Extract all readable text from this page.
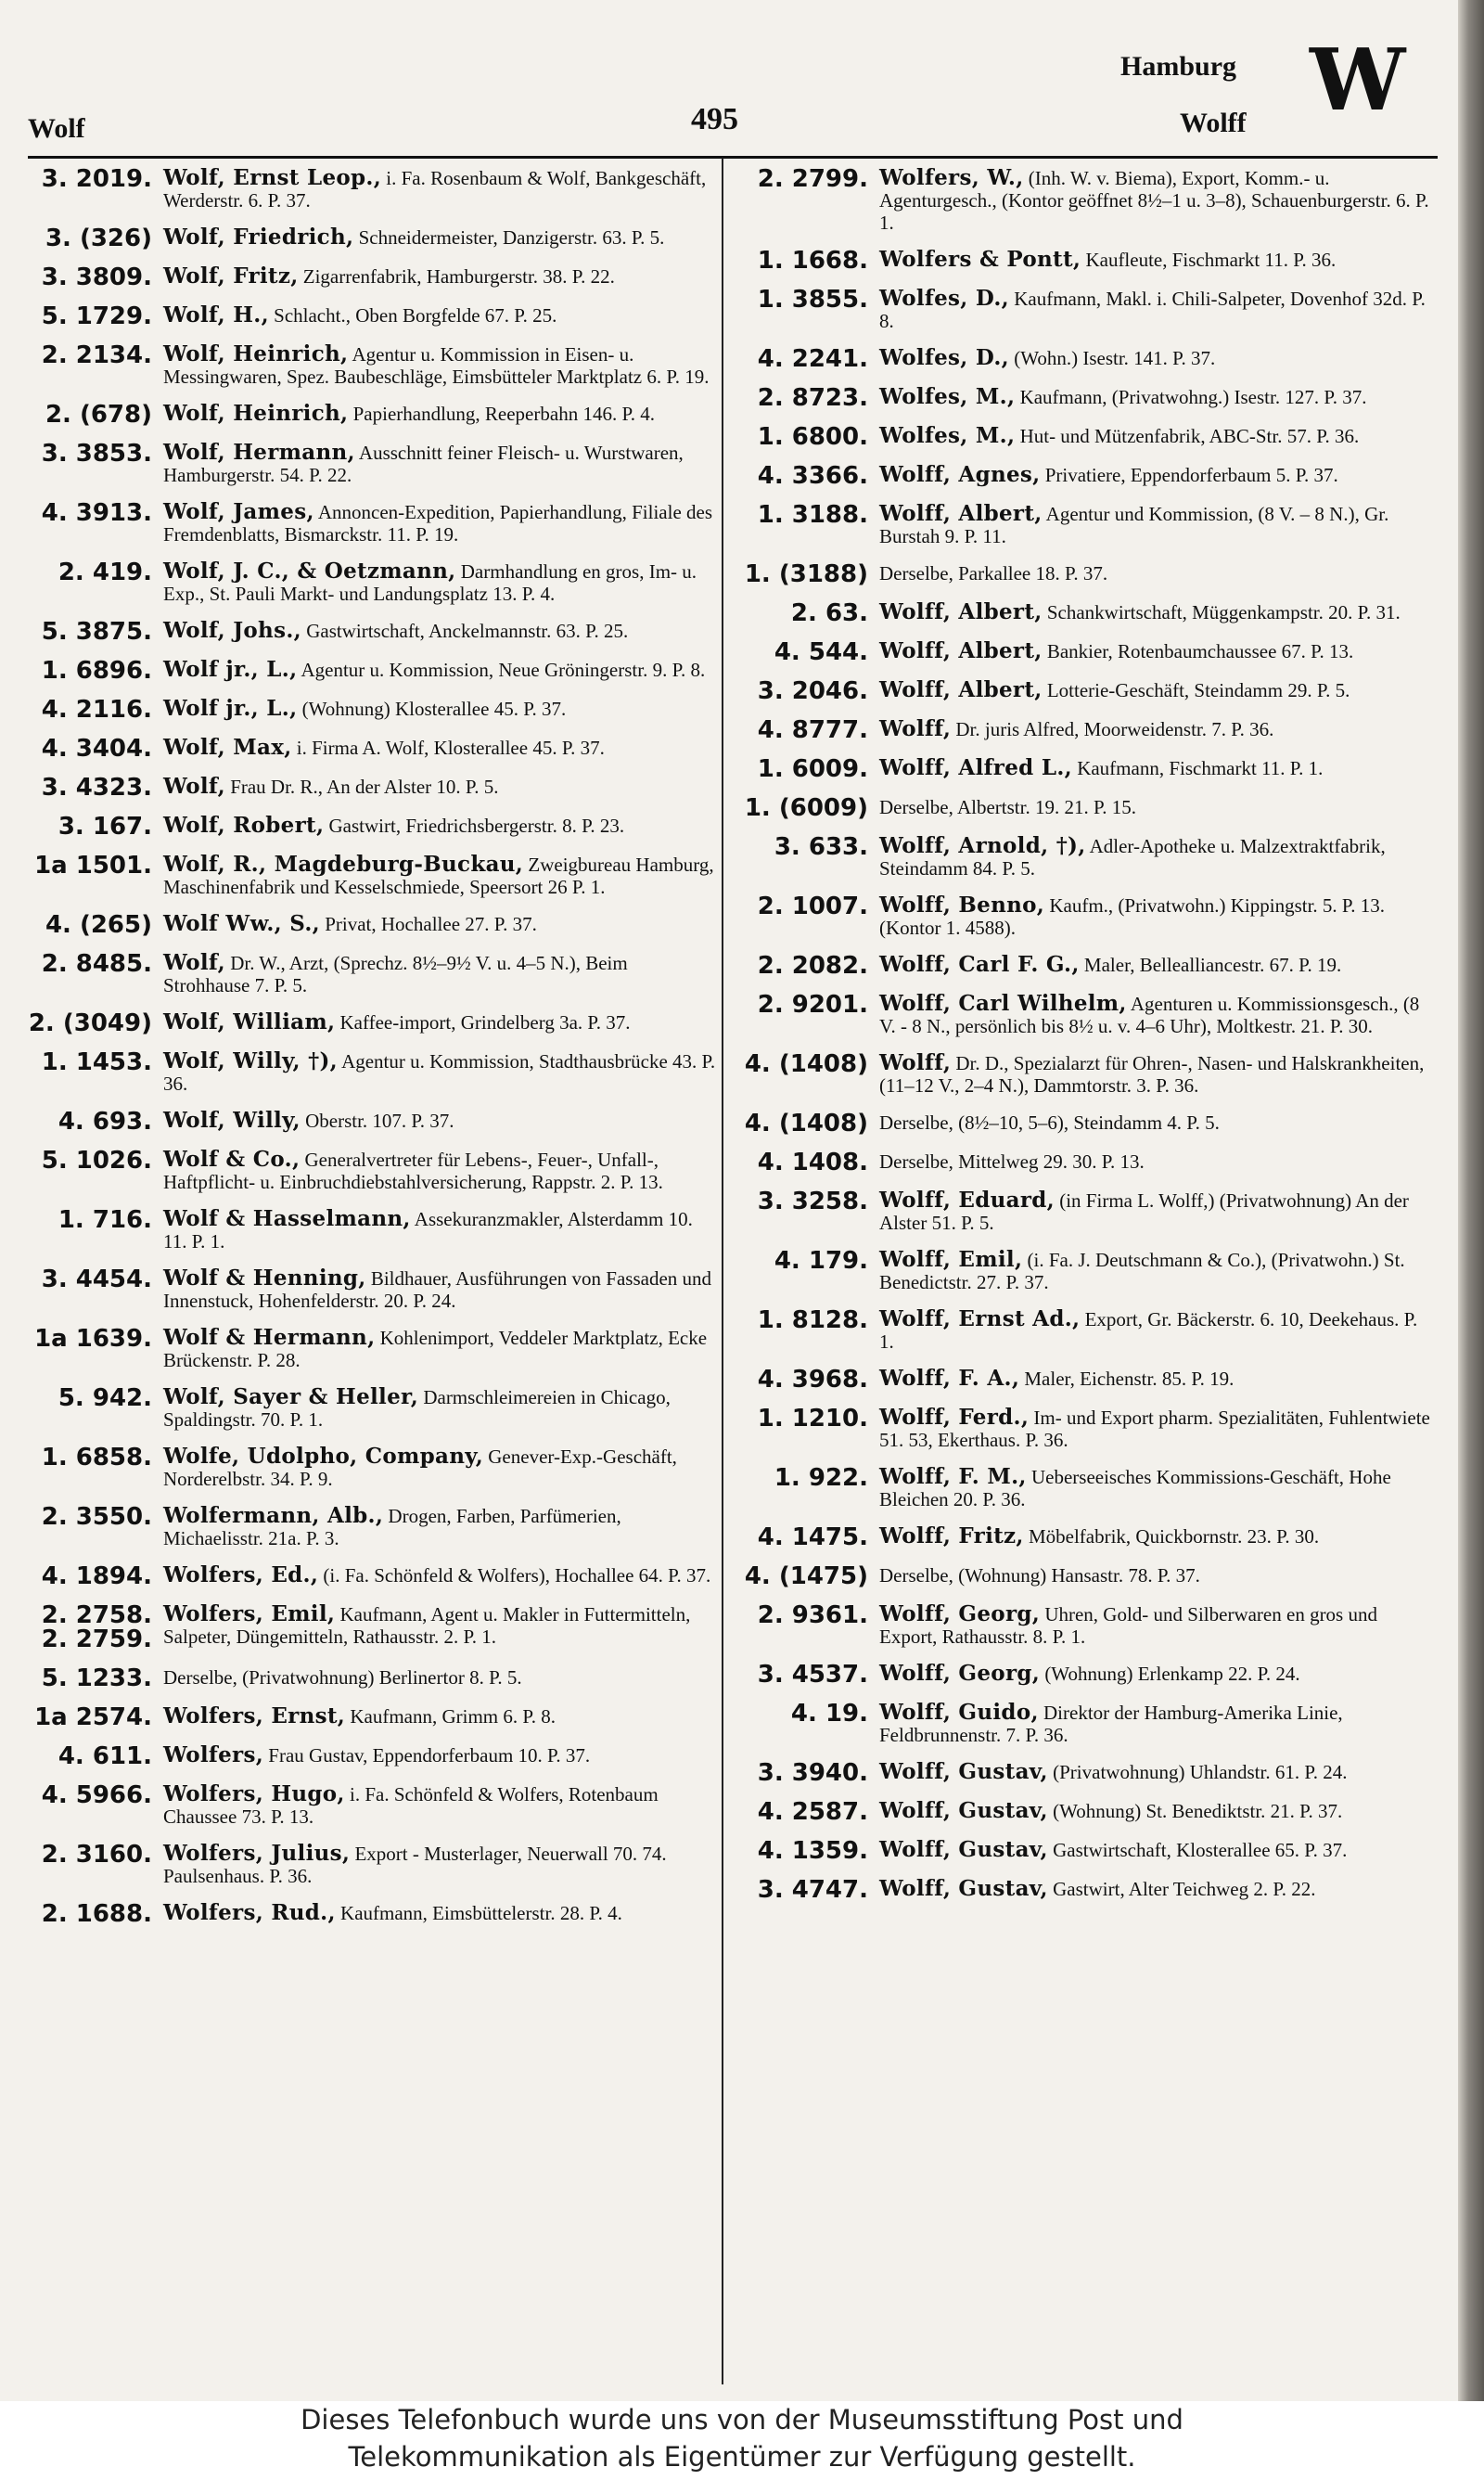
Wolf	495
Hamburg
Wolff W
3. 2019. Wolf, Ernst Leop., i. Fa. Rosenbaum & Wolf, Bankgeschäft, Werderstr. 6. P. 37.
3. (326) Wolf, Friedrich, Schneidermeister, Danzigerstr. 63. P. 5.
3. 3809. Wolf, Fritz, Zigarrenfabrik, Hamburgerstr. 38. P. 22.
5. 1729. Wolf, H., Schlacht., Oben Borgfelde 67. P. 25.
2. 2134. Wolf, Heinrich, Agentur u. Kommission in Eisen- u. Messingwaren, Spez. Baubeschläge, Eimsbütteler Marktplatz 6. P. 19.
2. (678) Wolf, Heinrich, Papierhandlung, Reeperbahn 146. P. 4.
3. 3853. Wolf, Hermann, Ausschnitt feiner Fleisch- u. Wurstwaren, Hamburgerstr. 54. P. 22.
4. 3913. Wolf, James, Annoncen-Expedition, Papierhandlung, Filiale des Fremdenblatts, Bismarckstr. 11. P. 19.
2. 419. Wolf, J. C., & Oetzmann, Darmhandlung en gros, Im- u. Exp., St. Pauli Markt- und Landungsplatz 13. P. 4.
5. 3875. Wolf, Johs., Gastwirtschaft, Anckelmannstr. 63. P. 25.
1. 6896. Wolf jr., L., Agentur u. Kommission, Neue Gröningerstr. 9. P. 8.
4. 2116. Wolf jr., L., (Wohnung) Klosterallee 45. P. 37.
4. 3404. Wolf, Max, i. Firma A. Wolf, Klosterallee 45. P. 37.
3. 4323. Wolf, Frau Dr. R., An der Alster 10. P. 5.
3. 167. Wolf, Robert, Gastwirt, Friedrichsbergerstr. 8. P. 23.
1a 1501. Wolf, R., Magdeburg-Buckau, Zweigbureau Hamburg, Maschinenfabrik und Kesselschmiede, Speersort 26 P. 1.
4. (265) Wolf Ww., S., Privat, Hochallee 27. P. 37.
2. 8485. Wolf, Dr. W., Arzt, (Sprechz. 8½–9½ V. u. 4–5 N.), Beim Strohhause 7. P. 5.
2. (3049) Wolf, William, Kaffee-import, Grindelberg 3a. P. 37.
1. 1453. Wolf, Willy, †), Agentur u. Kommission, Stadthausbrücke 43. P. 36.
4. 693. Wolf, Willy, Oberstr. 107. P. 37.
5. 1026. Wolf & Co., Generalvertreter für Lebens-, Feuer-, Unfall-, Haftpflicht- u. Einbruchdiebstahlversicherung, Rappstr. 2. P. 13.
1. 716. Wolf & Hasselmann, Assekuranzmakler, Alsterdamm 10. 11. P. 1.
3. 4454. Wolf & Henning, Bildhauer, Ausführungen von Fassaden und Innenstuck, Hohenfelderstr. 20. P. 24.
1a 1639. Wolf & Hermann, Kohlenimport, Veddeler Marktplatz, Ecke Brückenstr. P. 28.
5. 942. Wolf, Sayer & Heller, Darmschleimereien in Chicago, Spaldingstr. 70. P. 1.
1. 6858. Wolfe, Udolpho, Company, Genever-Exp.-Geschäft, Norderelbstr. 34. P. 9.
2. 3550. Wolfermann, Alb., Drogen, Farben, Parfümerien, Michaelisstr. 21a. P. 3.
4. 1894. Wolfers, Ed., (i. Fa. Schönfeld & Wolfers), Hochallee 64. P. 37.
2. 2758.
2. 2759.
Wolfers, Emil, Kaufmann, Agent u. Makler in Futtermitteln, Salpeter, Düngemitteln, Rathausstr. 2. P. 1.
5. 1233. Derselbe, (Privatwohnung) Berlinertor 8. P. 5.
1a 2574. Wolfers, Ernst, Kaufmann, Grimm 6. P. 8.
4. 611. Wolfers, Frau Gustav, Eppendorferbaum 10. P. 37.
4. 5966. Wolfers, Hugo, i. Fa. Schönfeld & Wolfers, Rotenbaum Chaussee 73. P. 13.
2. 3160. Wolfers, Julius, Export - Musterlager, Neuerwall 70. 74. Paulsenhaus. P. 36.
2. 1688. Wolfers, Rud., Kaufmann, Eimsbüttelerstr. 28. P. 4.
2. 2799. Wolfers, W., (Inh. W. v. Biema), Export, Komm.- u. Agenturgesch., (Kontor geöffnet 8½–1 u. 3–8), Schauenburgerstr. 6. P. 1.
1. 1668. Wolfers & Pontt, Kaufleute, Fischmarkt 11. P. 36.
1. 3855. Wolfes, D., Kaufmann, Makl. i. Chili-Salpeter, Dovenhof 32d. P. 8.
4. 2241. Wolfes, D., (Wohn.) Isestr. 141. P. 37.
2. 8723. Wolfes, M., Kaufmann, (Privatwohng.) Isestr. 127. P. 37.
1. 6800. Wolfes, M., Hut- und Mützenfabrik, ABC-Str. 57. P. 36.
4. 3366. Wolff, Agnes, Privatiere, Eppendorferbaum 5. P. 37.
1. 3188. Wolff, Albert, Agentur und Kommission, (8 V. – 8 N.), Gr. Burstah 9. P. 11.
1. (3188) Derselbe, Parkallee 18. P. 37.
2. 63. Wolff, Albert, Schankwirtschaft, Müggenkampstr. 20. P. 31.
4. 544. Wolff, Albert, Bankier, Rotenbaumchaussee 67. P. 13.
3. 2046. Wolff, Albert, Lotterie-Geschäft, Steindamm 29. P. 5.
4. 8777. Wolff, Dr. juris Alfred, Moorweidenstr. 7. P. 36.
1. 6009. Wolff, Alfred L., Kaufmann, Fischmarkt 11. P. 1.
1. (6009) Derselbe, Albertstr. 19. 21. P. 15.
3. 633. Wolff, Arnold, †), Adler-Apotheke u. Malzextraktfabrik, Steindamm 84. P. 5.
2. 1007. Wolff, Benno, Kaufm., (Privatwohn.) Kippingstr. 5. P. 13. (Kontor 1. 4588).
2. 2082. Wolff, Carl F. G., Maler, Bellealliancestr. 67. P. 19.
2. 9201. Wolff, Carl Wilhelm, Agenturen u. Kommissionsgesch., (8 V. - 8 N., persönlich bis 8½ u. v. 4–6 Uhr), Moltkestr. 21. P. 30.
4. (1408) Wolff, Dr. D., Spezialarzt für Ohren-, Nasen- und Halskrankheiten, (11–12 V., 2–4 N.), Dammtorstr. 3. P. 36.
4. (1408) Derselbe, (8½–10, 5–6), Steindamm 4. P. 5.
4. 1408. Derselbe, Mittelweg 29. 30. P. 13.
3. 3258. Wolff, Eduard, (in Firma L. Wolff,) (Privatwohnung) An der Alster 51. P. 5.
4. 179. Wolff, Emil, (i. Fa. J. Deutschmann & Co.), (Privatwohn.) St. Benedictstr. 27. P. 37.
1. 8128. Wolff, Ernst Ad., Export, Gr. Bäckerstr. 6. 10, Deekehaus. P. 1.
4. 3968. Wolff, F. A., Maler, Eichenstr. 85. P. 19.
1. 1210. Wolff, Ferd., Im- und Export pharm. Spezialitäten, Fuhlentwiete 51. 53, Ekerthaus. P. 36.
1. 922. Wolff, F. M., Ueberseeisches Kommissions-Geschäft, Hohe Bleichen 20. P. 36.
4. 1475. Wolff, Fritz, Möbelfabrik, Quickbornstr. 23. P. 30.
4. (1475) Derselbe, (Wohnung) Hansastr. 78. P. 37.
2. 9361. Wolff, Georg, Uhren, Gold- und Silberwaren en gros und Export, Rathausstr. 8. P. 1.
3. 4537. Wolff, Georg, (Wohnung) Erlenkamp 22. P. 24.
4. 19. Wolff, Guido, Direktor der Hamburg-Amerika Linie, Feldbrunnenstr. 7. P. 36.
3. 3940. Wolff, Gustav, (Privatwohnung) Uhlandstr. 61. P. 24.
4. 2587. Wolff, Gustav, (Wohnung) St. Benediktstr. 21. P. 37.
4. 1359. Wolff, Gustav, Gastwirtschaft, Klosterallee 65. P. 37.
3. 4747. Wolff, Gustav, Gastwirt, Alter Teichweg 2. P. 22.
Dieses Telefonbuch wurde uns von der Museumsstiftung Post und
Telekommunikation als Eigentümer zur Verfügung gestellt.
